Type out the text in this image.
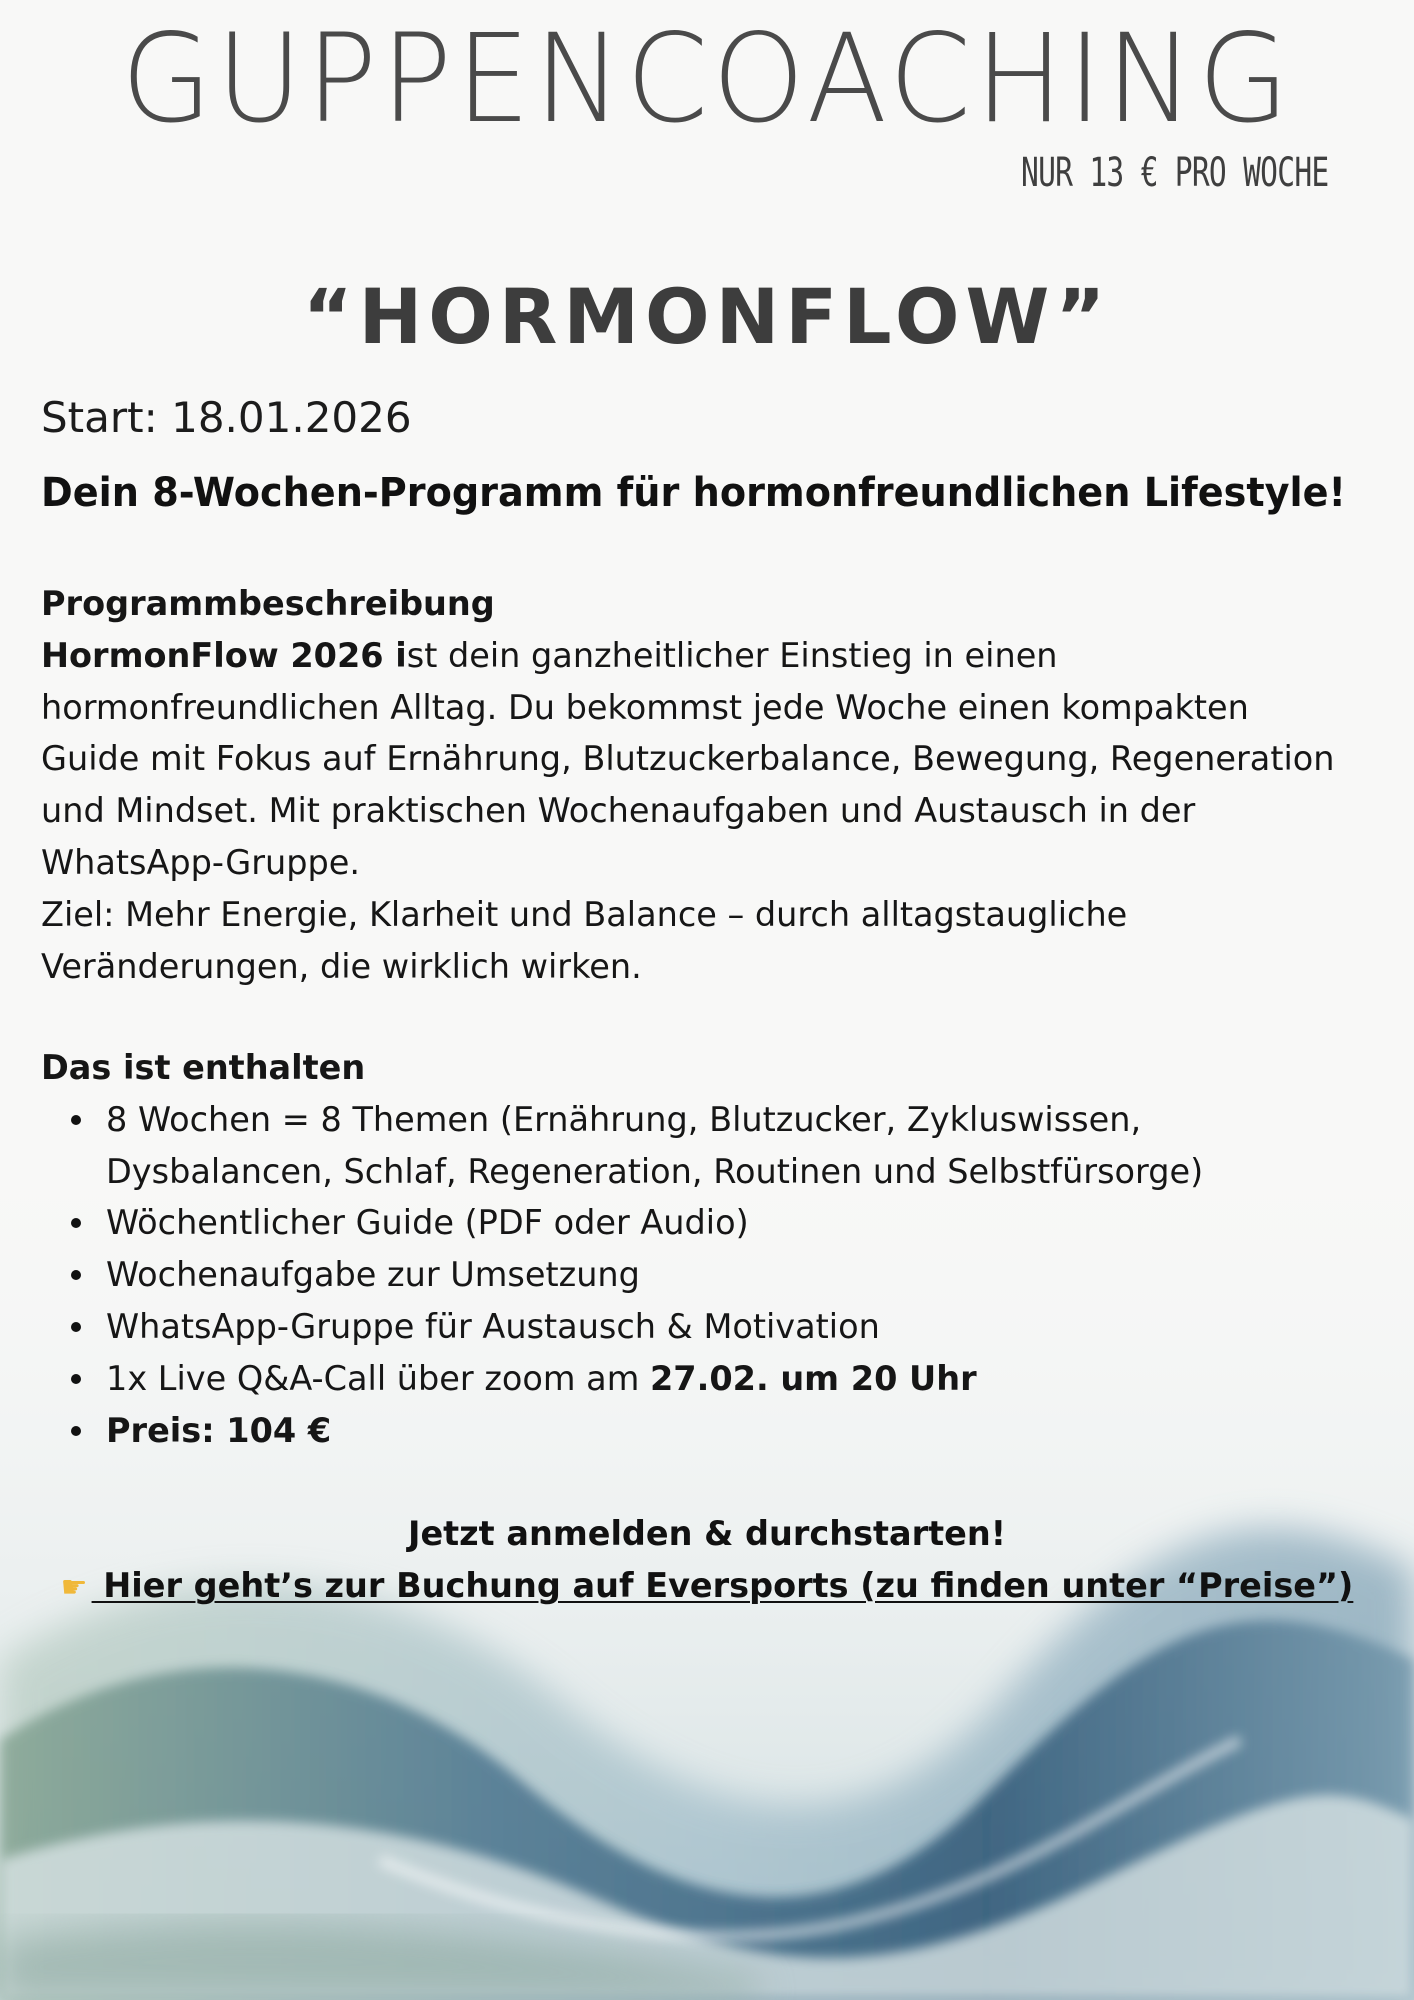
GUPPENCOACHING
NUR 13 € PRO WOCHE
“HORMONFLOW”
Start: 18.01.2026
Dein 8-Wochen-Programm für hormonfreundlichen Lifestyle!
Programmbeschreibung
HormonFlow 2026 ist dein ganzheitlicher Einstieg in einen
hormonfreundlichen Alltag. Du bekommst jede Woche einen kompakten
Guide mit Fokus auf Ernährung, Blutzuckerbalance, Bewegung, Regeneration
und Mindset. Mit praktischen Wochenaufgaben und Austausch in der
WhatsApp-Gruppe.
Ziel: Mehr Energie, Klarheit und Balance – durch alltagstaugliche
Veränderungen, die wirklich wirken.
Das ist enthalten
8 Wochen = 8 Themen (Ernährung, Blutzucker, Zykluswissen,
Dysbalancen, Schlaf, Regeneration, Routinen und Selbstfürsorge)
Wöchentlicher Guide (PDF oder Audio)
Wochenaufgabe zur Umsetzung
WhatsApp-Gruppe für Austausch & Motivation
1x Live Q&A-Call über zoom am 27.02. um 20 Uhr
Preis: 104 €
Jetzt anmelden & durchstarten!
☛ Hier geht’s zur Buchung auf Eversports (zu finden unter “Preise”)
